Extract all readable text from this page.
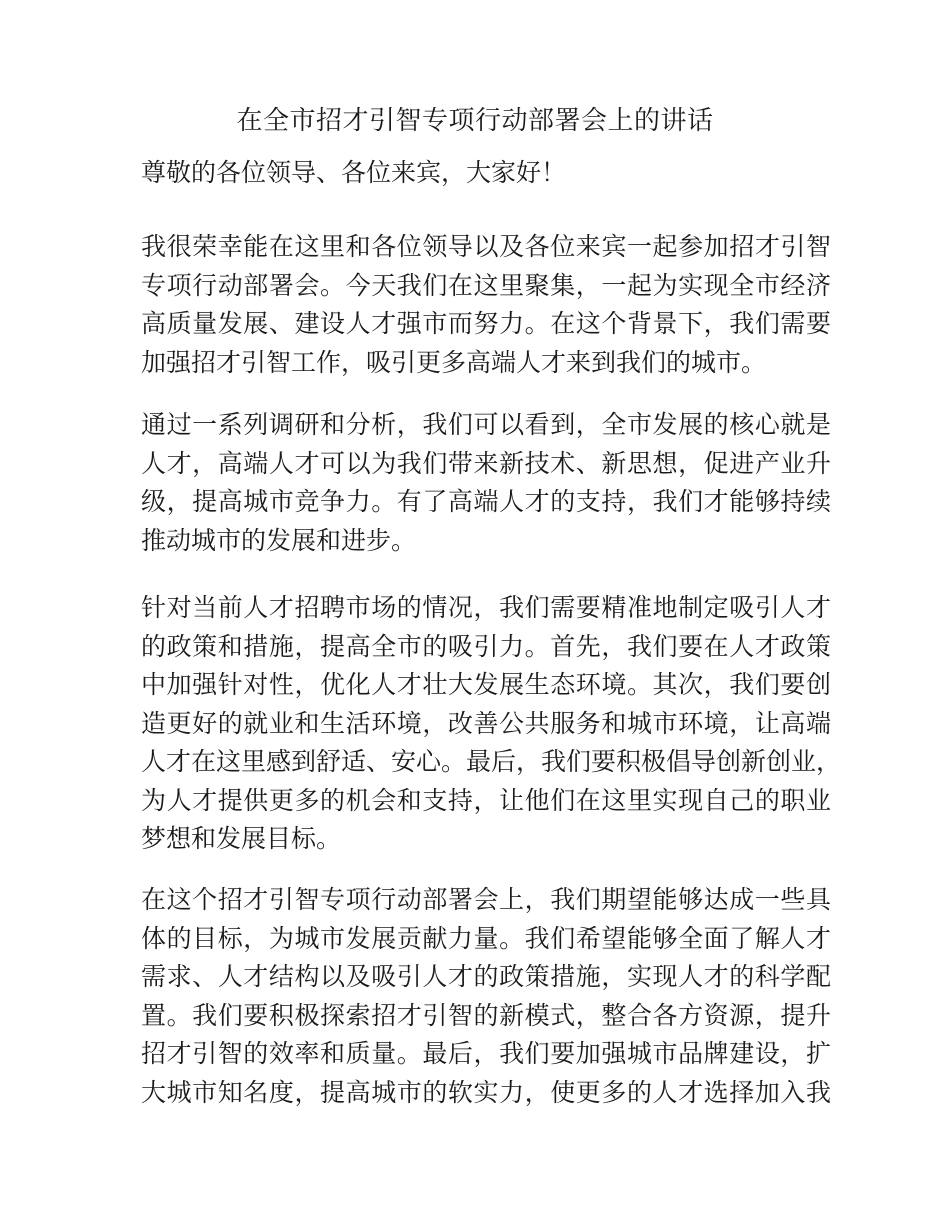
在全市招才引智专项行动部署会上的讲话
尊敬的各位领导、各位来宾，大家好！
我很荣幸能在这里和各位领导以及各位来宾一起参加招才引智
专项行动部署会。今天我们在这里聚集，一起为实现全市经济
高质量发展、建设人才强市而努力。在这个背景下，我们需要
加强招才引智工作，吸引更多高端人才来到我们的城市。
通过一系列调研和分析，我们可以看到，全市发展的核心就是
人才，高端人才可以为我们带来新技术、新思想，促进产业升
级，提高城市竞争力。有了高端人才的支持，我们才能够持续
推动城市的发展和进步。
针对当前人才招聘市场的情况，我们需要精准地制定吸引人才
的政策和措施，提高全市的吸引力。首先，我们要在人才政策
中加强针对性，优化人才壮大发展生态环境。其次，我们要创
造更好的就业和生活环境，改善公共服务和城市环境，让高端
人才在这里感到舒适、安心。最后，我们要积极倡导创新创业，
为人才提供更多的机会和支持，让他们在这里实现自己的职业
梦想和发展目标。
在这个招才引智专项行动部署会上，我们期望能够达成一些具
体的目标，为城市发展贡献力量。我们希望能够全面了解人才
需求、人才结构以及吸引人才的政策措施，实现人才的科学配
置。我们要积极探索招才引智的新模式，整合各方资源，提升
招才引智的效率和质量。最后，我们要加强城市品牌建设，扩
大城市知名度，提高城市的软实力，使更多的人才选择加入我
